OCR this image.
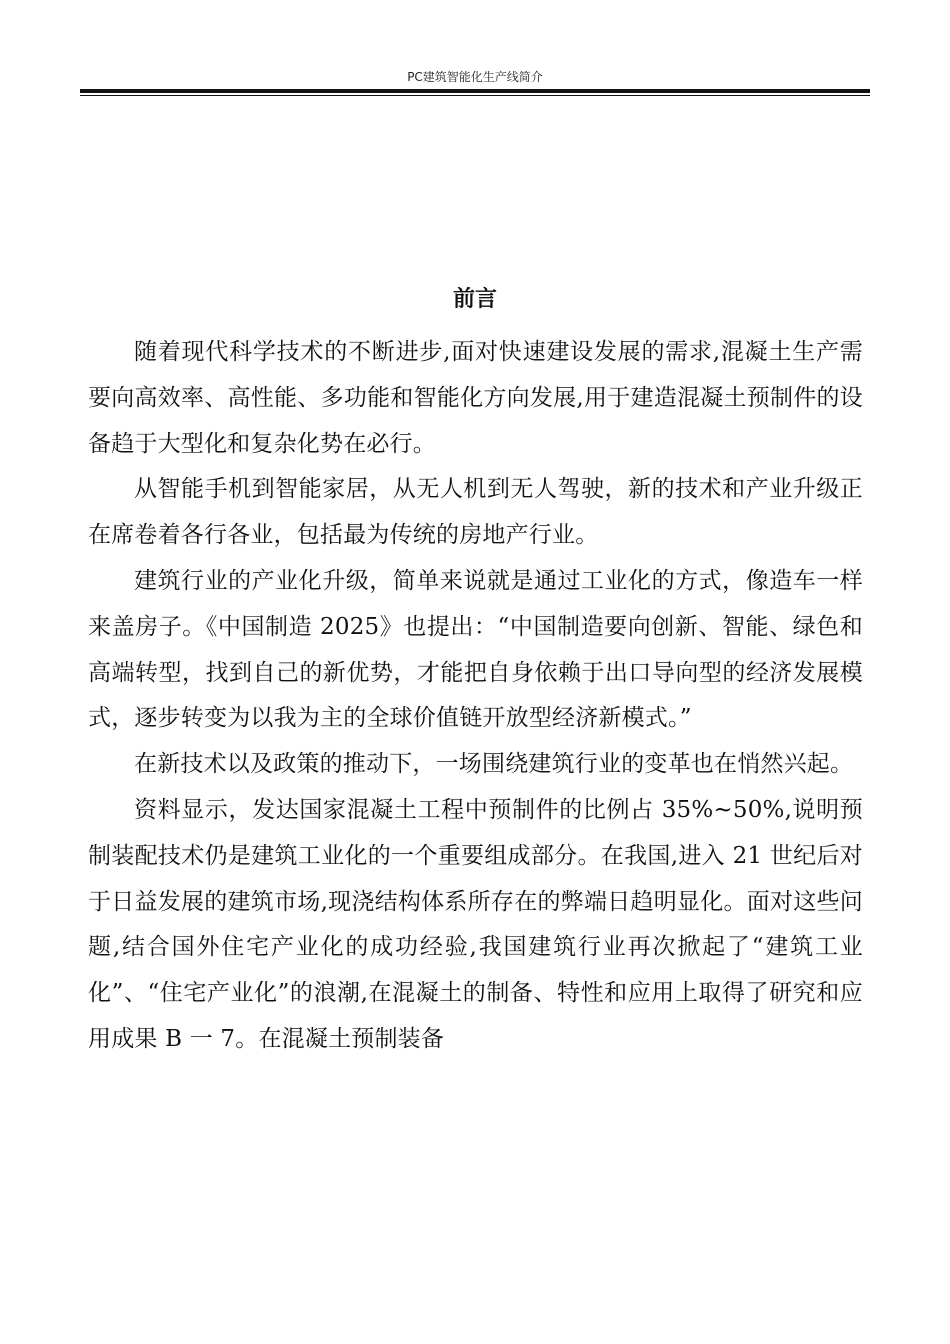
PC建筑智能化生产线简介
前言

随着现代科学技术的不断进步,面对快速建设发展的需求,混凝土生产需要向高效率、高性能、多功能和智能化方向发展,用于建造混凝土预制件的设备趋于大型化和复杂化势在必行。

从智能手机到智能家居，从无人机到无人驾驶，新的技术和产业升级正在席卷着各行各业，包括最为传统的房地产行业。

建筑行业的产业化升级，简单来说就是通过工业化的方式，像造车一样来盖房子。《中国制造 2025》也提出：“中国制造要向创新、智能、绿色和高端转型，找到自己的新优势，才能把自身依赖于出口导向型的经济发展模式，逐步转变为以我为主的全球价值链开放型经济新模式。”

在新技术以及政策的推动下，一场围绕建筑行业的变革也在悄然兴起。

资料显示，发达国家混凝土工程中预制件的比例占 35%~50%,说明预制装配技术仍是建筑工业化的一个重要组成部分。在我国,进入 21 世纪后对于日益发展的建筑市场,现浇结构体系所存在的弊端日趋明显化。面对这些问题,结合国外住宅产业化的成功经验,我国建筑行业再次掀起了“建筑工业化”、“住宅产业化”的浪潮,在混凝土的制备、特性和应用上取得了研究和应用成果 B 一 7。在混凝土预制装备
